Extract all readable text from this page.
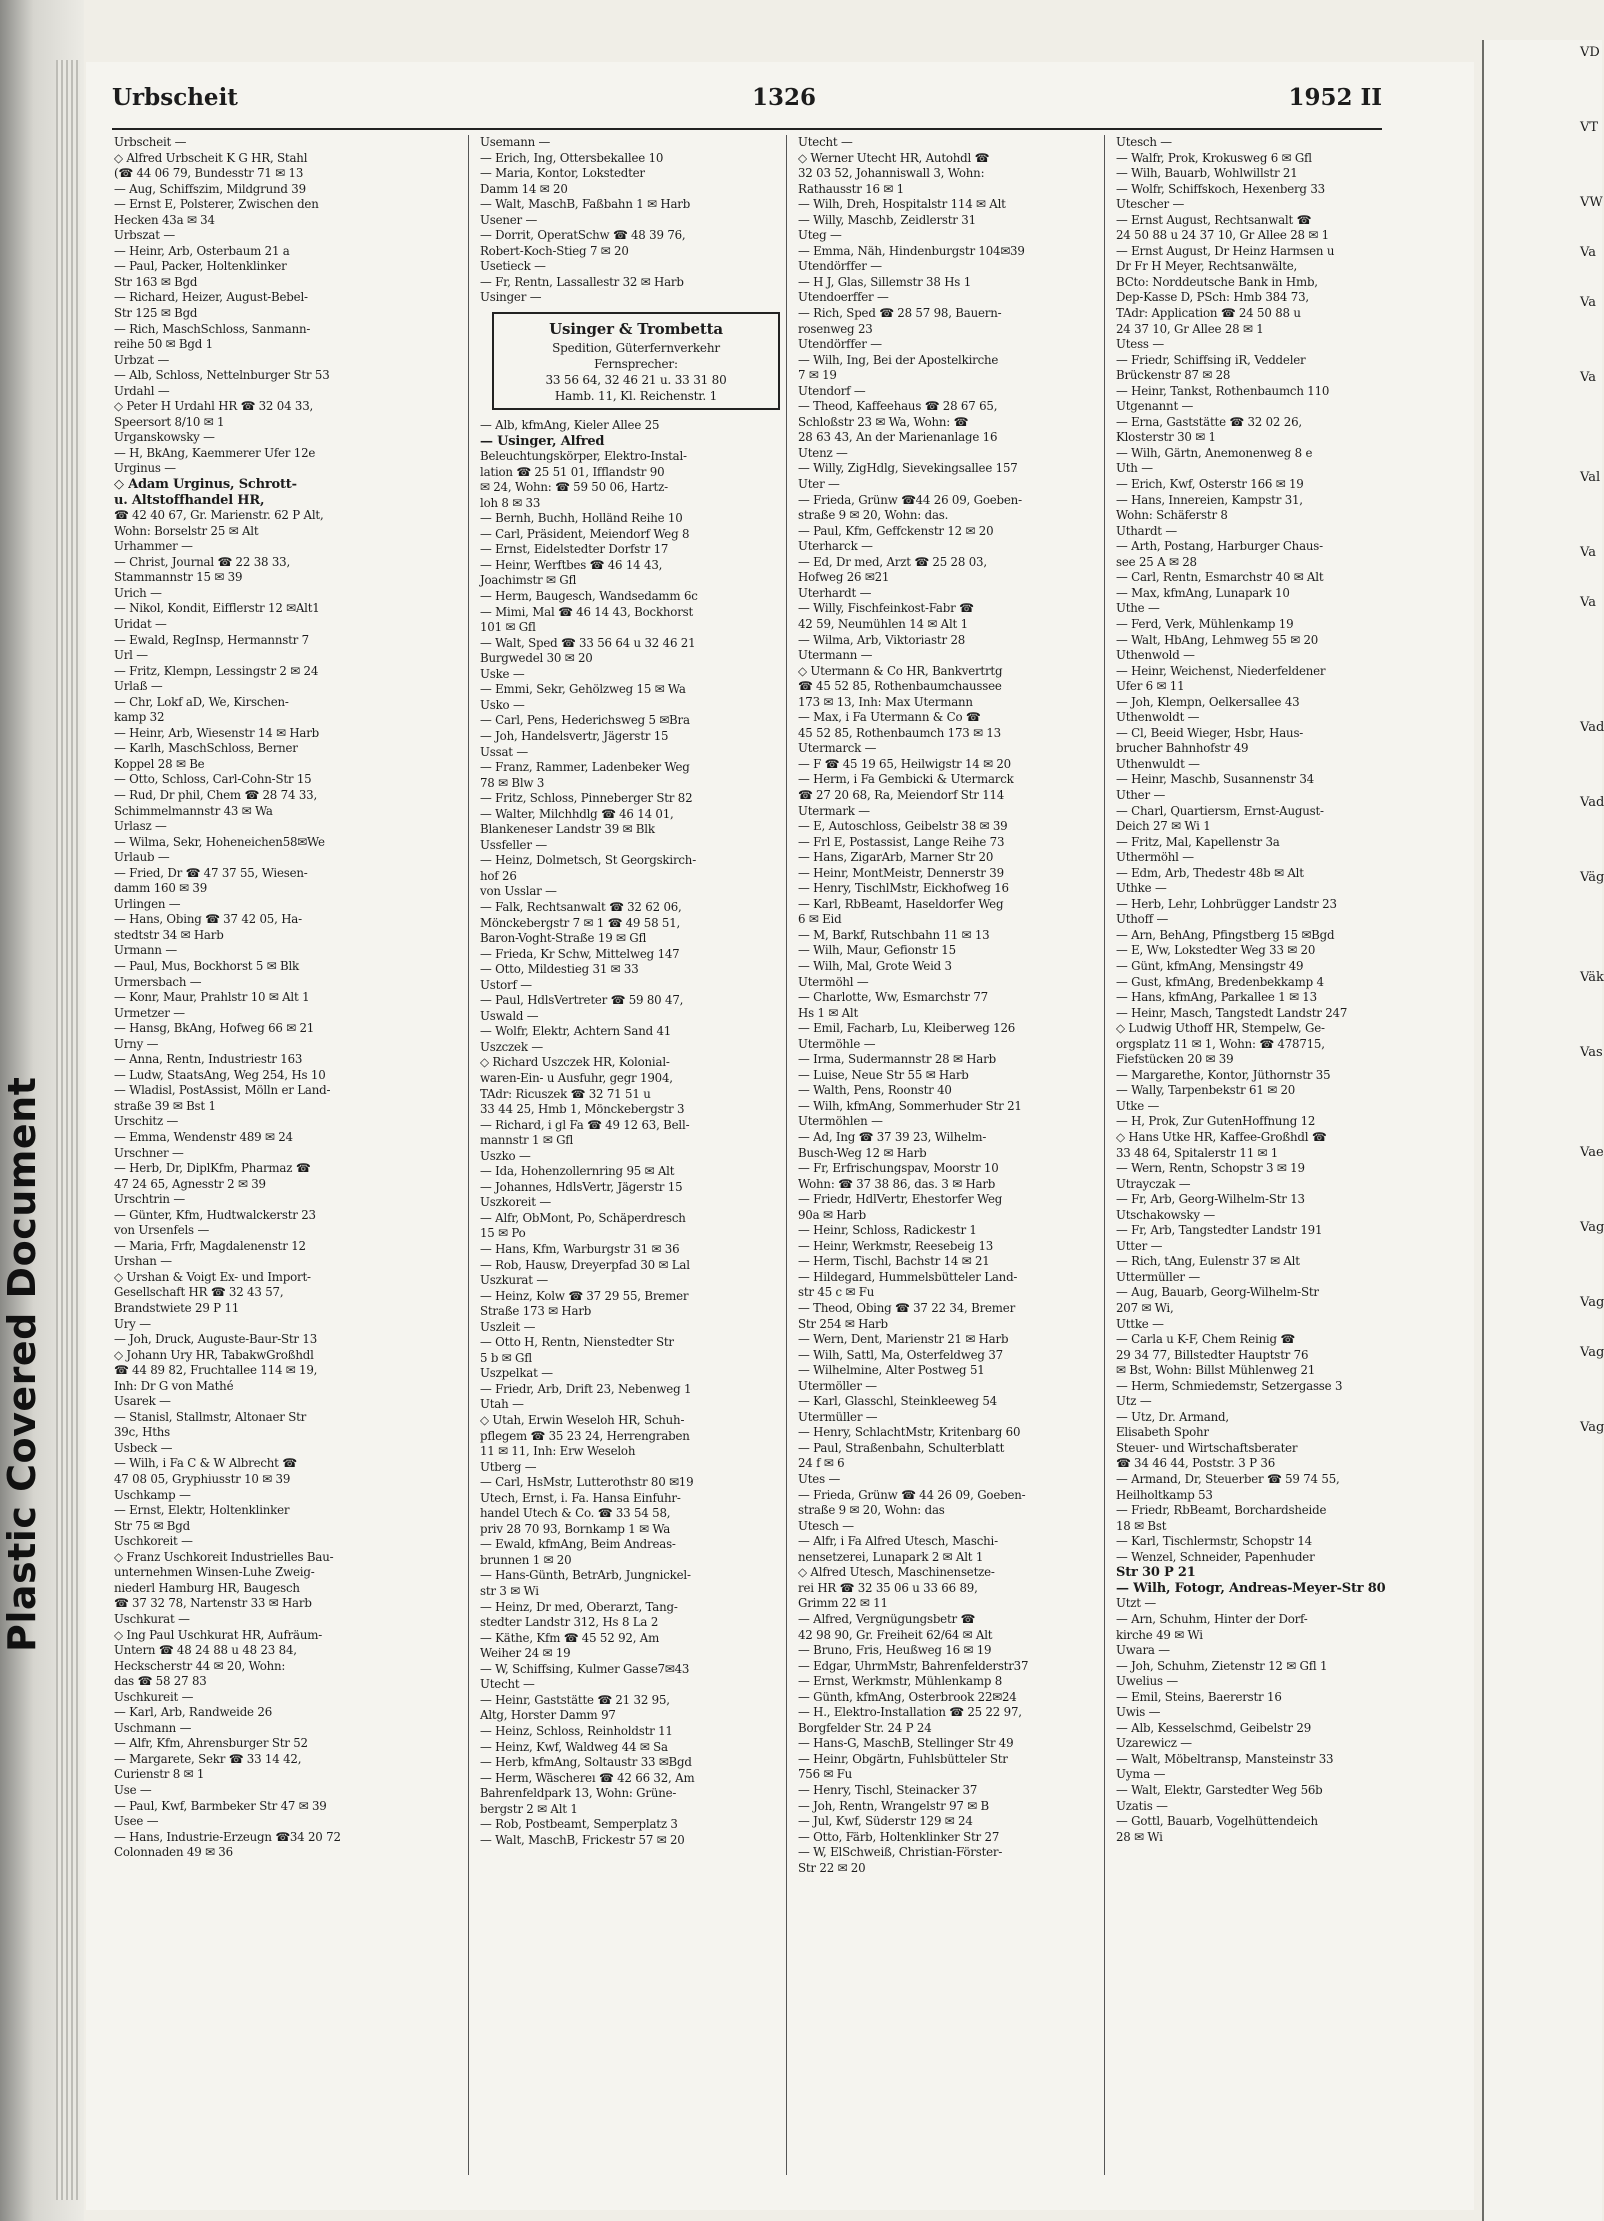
Plastic Covered Document
Urbscheit	1326	1952 II
Urbscheit —
◇ Alfred Urbscheit K G HR, Stahl
(☎ 44 06 79, Bundesstr 71 ✉ 13
— Aug, Schiffszim, Mildgrund 39
— Ernst E, Polsterer, Zwischen den
Hecken 43a ✉ 34
Urbszat —
— Heinr, Arb, Osterbaum 21 a
— Paul, Packer, Holtenklinker
Str 163 ✉ Bgd
— Richard, Heizer, August-Bebel-
Str 125 ✉ Bgd
— Rich, MaschSchloss, Sanmann-
reihe 50 ✉ Bgd 1
Urbzat —
— Alb, Schloss, Nettelnburger Str 53
Urdahl —
◇ Peter H Urdahl HR ☎ 32 04 33,
Speersort 8/10 ✉ 1
Urganskowsky —
— H, BkAng, Kaemmerer Ufer 12e
Urginus —
◇ Adam Urginus, Schrott-
u. Altstoffhandel HR,
☎ 42 40 67, Gr. Marienstr. 62 P Alt,
Wohn: Borselstr 25 ✉ Alt
Urhammer —
— Christ, Journal ☎ 22 38 33,
Stammannstr 15 ✉ 39
Urich —
— Nikol, Kondit, Eifflerstr 12 ✉Alt1
Uridat —
— Ewald, RegInsp, Hermannstr 7
Url —
— Fritz, Klempn, Lessingstr 2 ✉ 24
Urlaß —
— Chr, Lokf aD, We, Kirschen-
kamp 32
— Heinr, Arb, Wiesenstr 14 ✉ Harb
— Karlh, MaschSchloss, Berner
Koppel 28 ✉ Be
— Otto, Schloss, Carl-Cohn-Str 15
— Rud, Dr phil, Chem ☎ 28 74 33,
Schimmelmannstr 43 ✉ Wa
Urlasz —
— Wilma, Sekr, Hoheneichen58✉We
Urlaub —
— Fried, Dr ☎ 47 37 55, Wiesen-
damm 160 ✉ 39
Urlingen —
— Hans, Obing ☎ 37 42 05, Ha-
stedtstr 34 ✉ Harb
Urmann —
— Paul, Mus, Bockhorst 5 ✉ Blk
Urmersbach —
— Konr, Maur, Prahlstr 10 ✉ Alt 1
Urmetzer —
— Hansg, BkAng, Hofweg 66 ✉ 21
Urny —
— Anna, Rentn, Industriestr 163
— Ludw, StaatsAng, Weg 254, Hs 10
— Wladisl, PostAssist, Mölln er Land-
straße 39 ✉ Bst 1
Urschitz —
— Emma, Wendenstr 489 ✉ 24
Urschner —
— Herb, Dr, DiplKfm, Pharmaz ☎
47 24 65, Agnesstr 2 ✉ 39
Urschtrin —
— Günter, Kfm, Hudtwalckerstr 23
von Ursenfels —
— Maria, Frfr, Magdalenenstr 12
Urshan —
◇ Urshan & Voigt Ex- und Import-
Gesellschaft HR ☎ 32 43 57,
Brandstwiete 29 P 11
Ury —
— Joh, Druck, Auguste-Baur-Str 13
◇ Johann Ury HR, TabakwGroßhdl
☎ 44 89 82, Fruchtallee 114 ✉ 19,
Inh: Dr G von Mathé
Usarek —
— Stanisl, Stallmstr, Altonaer Str
39c, Hths
Usbeck —
— Wilh, i Fa C & W Albrecht ☎
47 08 05, Gryphiusstr 10 ✉ 39
Uschkamp —
— Ernst, Elektr, Holtenklinker
Str 75 ✉ Bgd
Uschkoreit —
◇ Franz Uschkoreit Industrielles Bau-
unternehmen Winsen-Luhe Zweig-
niederl Hamburg HR, Baugesch
☎ 37 32 78, Nartenstr 33 ✉ Harb
Uschkurat —
◇ Ing Paul Uschkurat HR, Aufräum-
Untern ☎ 48 24 88 u 48 23 84,
Heckscherstr 44 ✉ 20, Wohn:
das ☎ 58 27 83
Uschkureit —
— Karl, Arb, Randweide 26
Uschmann —
— Alfr, Kfm, Ahrensburger Str 52
— Margarete, Sekr ☎ 33 14 42,
Curienstr 8 ✉ 1
Use —
— Paul, Kwf, Barmbeker Str 47 ✉ 39
Usee —
— Hans, Industrie-Erzeugn ☎34 20 72
Colonnaden 49 ✉ 36
Usemann —
— Erich, Ing, Ottersbekallee 10
— Maria, Kontor, Lokstedter
Damm 14 ✉ 20
— Walt, MaschB, Faßbahn 1 ✉ Harb
Usener —
— Dorrit, OperatSchw ☎ 48 39 76,
Robert-Koch-Stieg 7 ✉ 20
Usetieck —
— Fr, Rentn, Lassallestr 32 ✉ Harb
Usinger —
Usinger & Trombetta
Spedition, Güterfernverkehr
Fernsprecher:
33 56 64, 32 46 21 u. 33 31 80
Hamb. 11, Kl. Reichenstr. 1
— Alb, kfmAng, Kieler Allee 25
— Usinger, Alfred
Beleuchtungskörper, Elektro-Instal-
lation ☎ 25 51 01, Ifflandstr 90
✉ 24, Wohn: ☎ 59 50 06, Hartz-
loh 8 ✉ 33
— Bernh, Buchh, Holländ Reihe 10
— Carl, Präsident, Meiendorf Weg 8
— Ernst, Eidelstedter Dorfstr 17
— Heinr, Werftbes ☎ 46 14 43,
Joachimstr ✉ Gfl
— Herm, Baugesch, Wandsedamm 6c
— Mimi, Mal ☎ 46 14 43, Bockhorst
101 ✉ Gfl
— Walt, Sped ☎ 33 56 64 u 32 46 21
Burgwedel 30 ✉ 20
Uske —
— Emmi, Sekr, Gehölzweg 15 ✉ Wa
Usko —
— Carl, Pens, Hederichsweg 5 ✉Bra
— Joh, Handelsvertr, Jägerstr 15
Ussat —
— Franz, Rammer, Ladenbeker Weg
78 ✉ Blw 3
— Fritz, Schloss, Pinneberger Str 82
— Walter, Milchhdlg ☎ 46 14 01,
Blankeneser Landstr 39 ✉ Blk
Ussfeller —
— Heinz, Dolmetsch, St Georgskirch-
hof 26
von Usslar —
— Falk, Rechtsanwalt ☎ 32 62 06,
Mönckebergstr 7 ✉ 1 ☎ 49 58 51,
Baron-Voght-Straße 19 ✉ Gfl
— Frieda, Kr Schw, Mittelweg 147
— Otto, Mildestieg 31 ✉ 33
Ustorf —
— Paul, HdlsVertreter ☎ 59 80 47,
Uswald —
— Wolfr, Elektr, Achtern Sand 41
Uszczek —
◇ Richard Uszczek HR, Kolonial-
waren-Ein- u Ausfuhr, gegr 1904,
TAdr: Ricuszek ☎ 32 71 51 u
33 44 25, Hmb 1, Mönckebergstr 3
— Richard, i gl Fa ☎ 49 12 63, Bell-
mannstr 1 ✉ Gfl
Uszko —
— Ida, Hohenzollernring 95 ✉ Alt
— Johannes, HdlsVertr, Jägerstr 15
Uszkoreit —
— Alfr, ObMont, Po, Schäperdresch
15 ✉ Po
— Hans, Kfm, Warburgstr 31 ✉ 36
— Rob, Hausw, Dreyerpfad 30 ✉ Lal
Uszkurat —
— Heinz, Kolw ☎ 37 29 55, Bremer
Straße 173 ✉ Harb
Uszleit —
— Otto H, Rentn, Nienstedter Str
5 b ✉ Gfl
Uszpelkat —
— Friedr, Arb, Drift 23, Nebenweg 1
Utah —
◇ Utah, Erwin Weseloh HR, Schuh-
pflegem ☎ 35 23 24, Herrengraben
11 ✉ 11, Inh: Erw Weseloh
Utberg —
— Carl, HsMstr, Lutterothstr 80 ✉19
Utech, Ernst, i. Fa. Hansa Einfuhr-
handel Utech & Co. ☎ 33 54 58,
priv 28 70 93, Bornkamp 1 ✉ Wa
— Ewald, kfmAng, Beim Andreas-
brunnen 1 ✉ 20
— Hans-Günth, BetrArb, Jungnickel-
str 3 ✉ Wi
— Heinz, Dr med, Oberarzt, Tang-
stedter Landstr 312, Hs 8 La 2
— Käthe, Kfm ☎ 45 52 92, Am
Weiher 24 ✉ 19
— W, Schiffsing, Kulmer Gasse7✉43
Utecht —
— Heinr, Gaststätte ☎ 21 32 95,
Altg, Horster Damm 97
— Heinz, Schloss, Reinholdstr 11
— Heinz, Kwf, Waldweg 44 ✉ Sa
— Herb, kfmAng, Soltaustr 33 ✉Bgd
— Herm, Wäschereı ☎ 42 66 32, Am
Bahrenfeldpark 13, Wohn: Grüne-
bergstr 2 ✉ Alt 1
— Rob, Postbeamt, Semperplatz 3
— Walt, MaschB, Frickestr 57 ✉ 20
Utecht —
◇ Werner Utecht HR, Autohdl ☎
32 03 52, Johanniswall 3, Wohn:
Rathausstr 16 ✉ 1
— Wilh, Dreh, Hospitalstr 114 ✉ Alt
— Willy, Maschb, Zeidlerstr 31
Uteg —
— Emma, Näh, Hindenburgstr 104✉39
Utendörffer —
— H J, Glas, Sillemstr 38 Hs 1
Utendoerffer —
— Rich, Sped ☎ 28 57 98, Bauern-
rosenweg 23
Utendörffer —
— Wilh, Ing, Bei der Apostelkirche
7 ✉ 19
Utendorf —
— Theod, Kaffeehaus ☎ 28 67 65,
Schloßstr 23 ✉ Wa, Wohn: ☎
28 63 43, An der Marienanlage 16
Utenz —
— Willy, ZigHdlg, Sievekingsallee 157
Uter —
— Frieda, Grünw ☎44 26 09, Goeben-
straße 9 ✉ 20, Wohn: das.
— Paul, Kfm, Geffckenstr 12 ✉ 20
Uterharck —
— Ed, Dr med, Arzt ☎ 25 28 03,
Hofweg 26 ✉21
Uterhardt —
— Willy, Fischfeinkost-Fabr ☎
42 59, Neumühlen 14 ✉ Alt 1
— Wilma, Arb, Viktoriastr 28
Utermann —
◇ Utermann & Co HR, Bankvertrtg
☎ 45 52 85, Rothenbaumchaussee
173 ✉ 13, Inh: Max Utermann
— Max, i Fa Utermann & Co ☎
45 52 85, Rothenbaumch 173 ✉ 13
Utermarck —
— F ☎ 45 19 65, Heilwigstr 14 ✉ 20
— Herm, i Fa Gembicki & Utermarck
☎ 27 20 68, Ra, Meiendorf Str 114
Utermark —
— E, Autoschloss, Geibelstr 38 ✉ 39
— Frl E, Postassist, Lange Reihe 73
— Hans, ZigarArb, Marner Str 20
— Heinr, MontMeistr, Dennerstr 39
— Henry, TischlMstr, Eickhofweg 16
— Karl, RbBeamt, Haseldorfer Weg
6 ✉ Eid
— M, Barkf, Rutschbahn 11 ✉ 13
— Wilh, Maur, Gefionstr 15
— Wilh, Mal, Grote Weid 3
Utermöhl —
— Charlotte, Ww, Esmarchstr 77
Hs 1 ✉ Alt
— Emil, Facharb, Lu, Kleiberweg 126
Utermöhle —
— Irma, Sudermannstr 28 ✉ Harb
— Luise, Neue Str 55 ✉ Harb
— Walth, Pens, Roonstr 40
— Wilh, kfmAng, Sommerhuder Str 21
Utermöhlen —
— Ad, Ing ☎ 37 39 23, Wilhelm-
Busch-Weg 12 ✉ Harb
— Fr, Erfrischungspav, Moorstr 10
Wohn: ☎ 37 38 86, das. 3 ✉ Harb
— Friedr, HdlVertr, Ehestorfer Weg
90a ✉ Harb
— Heinr, Schloss, Radickestr 1
— Heinr, Werkmstr, Reesebeig 13
— Herm, Tischl, Bachstr 14 ✉ 21
— Hildegard, Hummelsbütteler Land-
str 45 c ✉ Fu
— Theod, Obing ☎ 37 22 34, Bremer
Str 254 ✉ Harb
— Wern, Dent, Marienstr 21 ✉ Harb
— Wilh, Sattl, Ma, Osterfeldweg 37
— Wilhelmine, Alter Postweg 51
Utermöller —
— Karl, Glasschl, Steinkleeweg 54
Utermüller —
— Henry, SchlachtMstr, Kritenbarg 60
— Paul, Straßenbahn, Schulterblatt
24 f ✉ 6
Utes —
— Frieda, Grünw ☎ 44 26 09, Goeben-
straße 9 ✉ 20, Wohn: das
Utesch —
— Alfr, i Fa Alfred Utesch, Maschi-
nensetzerei, Lunapark 2 ✉ Alt 1
◇ Alfred Utesch, Maschinensetze-
rei HR ☎ 32 35 06 u 33 66 89,
Grimm 22 ✉ 11
— Alfred, Vergnügungsbetr ☎
42 98 90, Gr. Freiheit 62/64 ✉ Alt
— Bruno, Fris, Heußweg 16 ✉ 19
— Edgar, UhrmMstr, Bahrenfelderstr37
— Ernst, Werkmstr, Mühlenkamp 8
— Günth, kfmAng, Osterbrook 22✉24
— H., Elektro-Installation ☎ 25 22 97,
Borgfelder Str. 24 P 24
— Hans-G, MaschB, Stellinger Str 49
— Heinr, Obgärtn, Fuhlsbütteler Str
756 ✉ Fu
— Henry, Tischl, Steinacker 37
— Joh, Rentn, Wrangelstr 97 ✉ B
— Jul, Kwf, Süderstr 129 ✉ 24
— Otto, Färb, Holtenklinker Str 27
— W, ElSchweiß, Christian-Förster-
Str 22 ✉ 20
Utesch —
— Walfr, Prok, Krokusweg 6 ✉ Gfl
— Wilh, Bauarb, Wohlwillstr 21
— Wolfr, Schiffskoch, Hexenberg 33
Utescher —
— Ernst August, Rechtsanwalt ☎
24 50 88 u 24 37 10, Gr Allee 28 ✉ 1
— Ernst August, Dr Heinz Harmsen u
Dr Fr H Meyer, Rechtsanwälte,
BCto: Norddeutsche Bank in Hmb,
Dep-Kasse D, PSch: Hmb 384 73,
TAdr: Application ☎ 24 50 88 u
24 37 10, Gr Allee 28 ✉ 1
Utess —
— Friedr, Schiffsing iR, Veddeler
Brückenstr 87 ✉ 28
— Heinr, Tankst, Rothenbaumch 110
Utgenannt —
— Erna, Gaststätte ☎ 32 02 26,
Klosterstr 30 ✉ 1
— Wilh, Gärtn, Anemonenweg 8 e
Uth —
— Erich, Kwf, Osterstr 166 ✉ 19
— Hans, Innereien, Kampstr 31,
Wohn: Schäferstr 8
Uthardt —
— Arth, Postang, Harburger Chaus-
see 25 A ✉ 28
— Carl, Rentn, Esmarchstr 40 ✉ Alt
— Max, kfmAng, Lunapark 10
Uthe —
— Ferd, Verk, Mühlenkamp 19
— Walt, HbAng, Lehmweg 55 ✉ 20
Uthenwold —
— Heinr, Weichenst, Niederfeldener
Ufer 6 ✉ 11
— Joh, Klempn, Oelkersallee 43
Uthenwoldt —
— Cl, Beeid Wieger, Hsbr, Haus-
brucher Bahnhofstr 49
Uthenwuldt —
— Heinr, Maschb, Susannenstr 34
Uther —
— Charl, Quartiersm, Ernst-August-
Deich 27 ✉ Wi 1
— Fritz, Mal, Kapellenstr 3a
Uthermöhl —
— Edm, Arb, Thedestr 48b ✉ Alt
Uthke —
— Herb, Lehr, Lohbrügger Landstr 23
Uthoff —
— Arn, BehAng, Pfingstberg 15 ✉Bgd
— E, Ww, Lokstedter Weg 33 ✉ 20
— Günt, kfmAng, Mensingstr 49
— Gust, kfmAng, Bredenbekkamp 4
— Hans, kfmAng, Parkallee 1 ✉ 13
— Heinr, Masch, Tangstedt Landstr 247
◇ Ludwig Uthoff HR, Stempelw, Ge-
orgsplatz 11 ✉ 1, Wohn: ☎ 478715,
Fiefstücken 20 ✉ 39
— Margarethe, Kontor, Jüthornstr 35
— Wally, Tarpenbekstr 61 ✉ 20
Utke —
— H, Prok, Zur GutenHoffnung 12
◇ Hans Utke HR, Kaffee-Großhdl ☎
33 48 64, Spitalerstr 11 ✉ 1
— Wern, Rentn, Schopstr 3 ✉ 19
Utrayczak —
— Fr, Arb, Georg-Wilhelm-Str 13
Utschakowsky —
— Fr, Arb, Tangstedter Landstr 191
Utter —
— Rich, tAng, Eulenstr 37 ✉ Alt
Uttermüller —
— Aug, Bauarb, Georg-Wilhelm-Str
207 ✉ Wi,
Uttke —
— Carla u K-F, Chem Reinig ☎
29 34 77, Billstedter Hauptstr 76
✉ Bst, Wohn: Billst Mühlenweg 21
— Herm, Schmiedemstr, Setzergasse 3
Utz —
— Utz, Dr. Armand,
Elisabeth Spohr
Steuer- und Wirtschaftsberater
☎ 34 46 44, Poststr. 3 P 36
— Armand, Dr, Steuerber ☎ 59 74 55,
Heilholtkamp 53
— Friedr, RbBeamt, Borchardsheide
18 ✉ Bst
— Karl, Tischlermstr, Schopstr 14
— Wenzel, Schneider, Papenhuder
Str 30 P 21
— Wilh, Fotogr, Andreas-Meyer-Str 80
Utzt —
— Arn, Schuhm, Hinter der Dorf-
kirche 49 ✉ Wi
Uwara —
— Joh, Schuhm, Zietenstr 12 ✉ Gfl 1
Uwelius —
— Emil, Steins, Baererstr 16
Uwis —
— Alb, Kesselschmd, Geibelstr 29
Uzarewicz —
— Walt, Möbeltransp, Mansteinstr 33
Uyma —
— Walt, Elektr, Garstedter Weg 56b
Uzatis —
— Gottl, Bauarb, Vogelhüttendeich
28 ✉ Wi
VD

VT

VW

Va

Va

Va

Val

Va

Va

Vad

Vad

Väg

Väk

Vas

Vae

Vag

Vag

Vag

Vag
